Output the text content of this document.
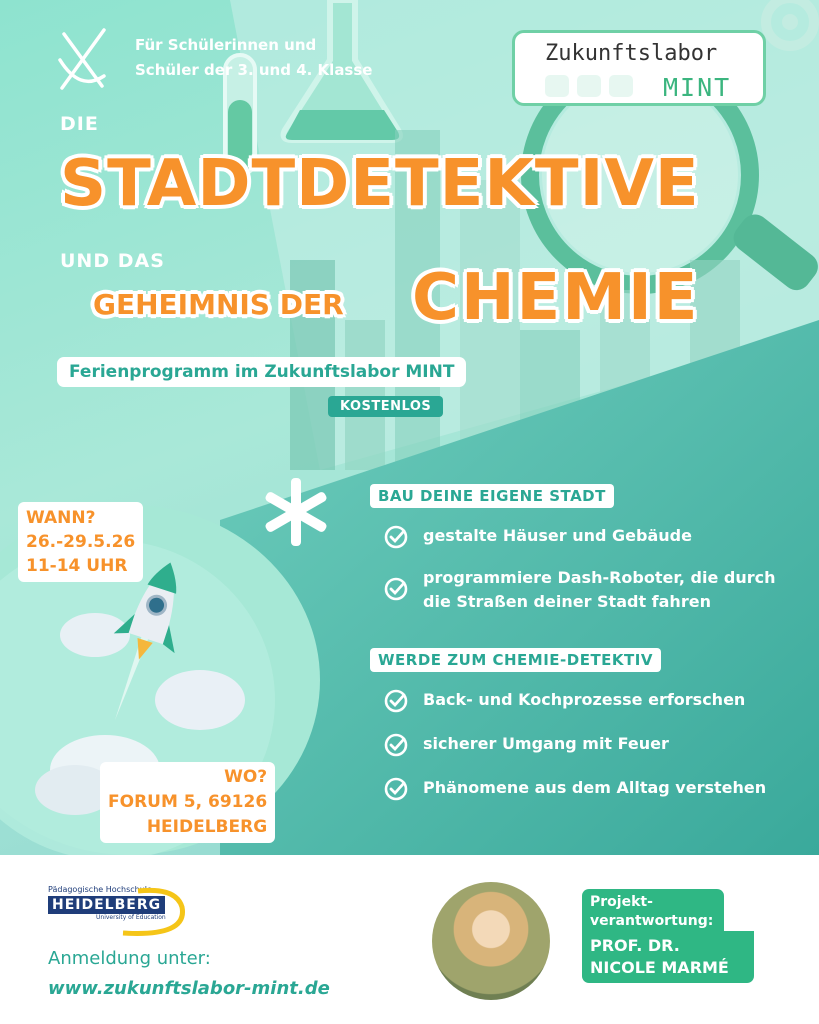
Für Schülerinnen und
Schüler der 3. und 4. Klasse
Zukunftslabor
MINT
DIE
STADTDETEKTIVE
UND DAS
GEHEIMNIS DER CHEMIE
Ferienprogramm im Zukunftslabor MINT
KOSTENLOS
WANN?
26.-29.5.26
11-14 UHR
WO?
FORUM 5, 69126
HEIDELBERG
BAU DEINE EIGENE STADT
gestalte Häuser und Gebäude
programmiere Dash-Roboter, die durch die Straßen deiner Stadt fahren
WERDE ZUM CHEMIE-DETEKTIV
Back- und Kochprozesse erforschen
sicherer Umgang mit Feuer
Phänomene aus dem Alltag verstehen
Pädagogische Hochschule
HEIDELBERG
University of Education
Anmeldung unter:
www.zukunftslabor-mint.de
Projekt-
verantwortung:
PROF. DR.
NICOLE MARMÉ
